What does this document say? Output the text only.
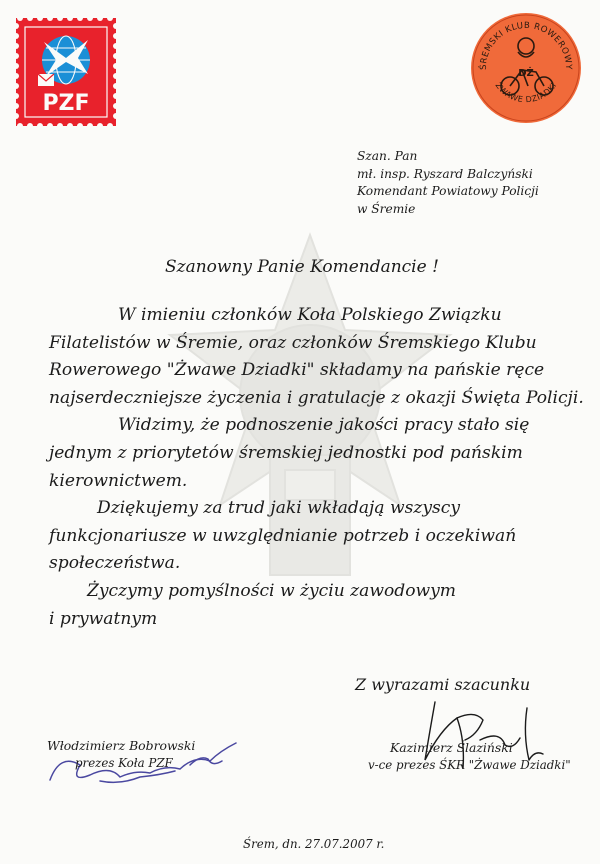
PZF
ŚREMSKI KLUB ROWEROWY
ŻWAWE DZIADKI
DŻ
Szan. Pan
mł. insp. Ryszard Balczyński
Komendant Powiatowy Policji
w Śremie
Szanowny Panie Komendancie !

W imieniu członków Koła Polskiego Związku

Filatelistów w Śremie, oraz członków Śremskiego Klubu

Rowerowego "Żwawe Dziadki" składamy na pańskie ręce

najserdeczniejsze życzenia i gratulacje z okazji Święta Policji.

Widzimy, że podnoszenie jakości pracy stało się

jednym z priorytetów śremskiej jednostki pod pańskim

kierownictwem.

Dziękujemy za trud jaki wkładają wszyscy

funkcjonariusze w uwzględnianie potrzeb i oczekiwań

społeczeństwa.

Życzymy pomyślności w życiu zawodowym

i prywatnym

Z wyrazami szacunku
Włodzimierz Bobrowski
prezes Koła PZF
Kazimierz Ślaziński
v-ce prezes ŚKR "Żwawe Dziadki"
Śrem, dn. 27.07.2007 r.
